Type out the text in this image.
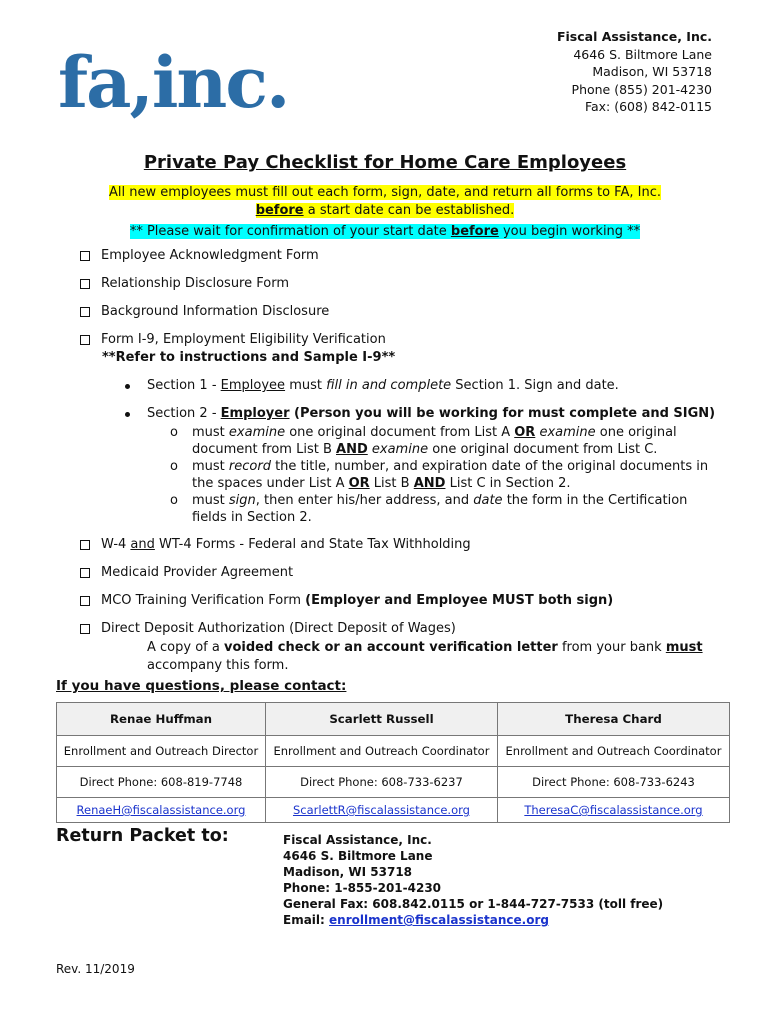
fa,inc.
Fiscal Assistance, Inc.
4646 S. Biltmore Lane
Madison, WI 53718
Phone (855) 201-4230
Fax: (608) 842-0115
Private Pay Checklist for Home Care Employees
All new employees must fill out each form, sign, date, and return all forms to FA, Inc.
before a start date can be established.
** Please wait for confirmation of your start date before you begin working **
Employee Acknowledgment Form
Relationship Disclosure Form
Background Information Disclosure
Form I-9, Employment Eligibility Verification
**Refer to instructions and Sample I-9**
Section 1 - Employee must fill in and complete Section 1. Sign and date.
Section 2 - Employer (Person you will be working for must complete and SIGN)
o must examine one original document from List A OR examine one original document from List B AND examine one original document from List C.
o must record the title, number, and expiration date of the original documents in the spaces under List A OR List B AND List C in Section 2.
o must sign, then enter his/her address, and date the form in the Certification fields in Section 2.
W-4 and WT-4 Forms - Federal and State Tax Withholding
Medicaid Provider Agreement
MCO Training Verification Form (Employer and Employee MUST both sign)
Direct Deposit Authorization (Direct Deposit of Wages)
A copy of a voided check or an account verification letter from your bank must
accompany this form.
If you have questions, please contact:
Renae Huffman	Scarlett Russell	Theresa Chard
Enrollment and Outreach Director	Enrollment and Outreach Coordinator	Enrollment and Outreach Coordinator
Direct Phone: 608-819-7748	Direct Phone: 608-733-6237	Direct Phone: 608-733-6243
RenaeH@fiscalassistance.org	ScarlettR@fiscalassistance.org	TheresaC@fiscalassistance.org
Return Packet to:	Fiscal Assistance, Inc.
4646 S. Biltmore Lane
Madison, WI 53718
Phone: 1-855-201-4230
General Fax: 608.842.0115 or 1-844-727-7533 (toll free)
Email: enrollment@fiscalassistance.org
Rev. 11/2019
